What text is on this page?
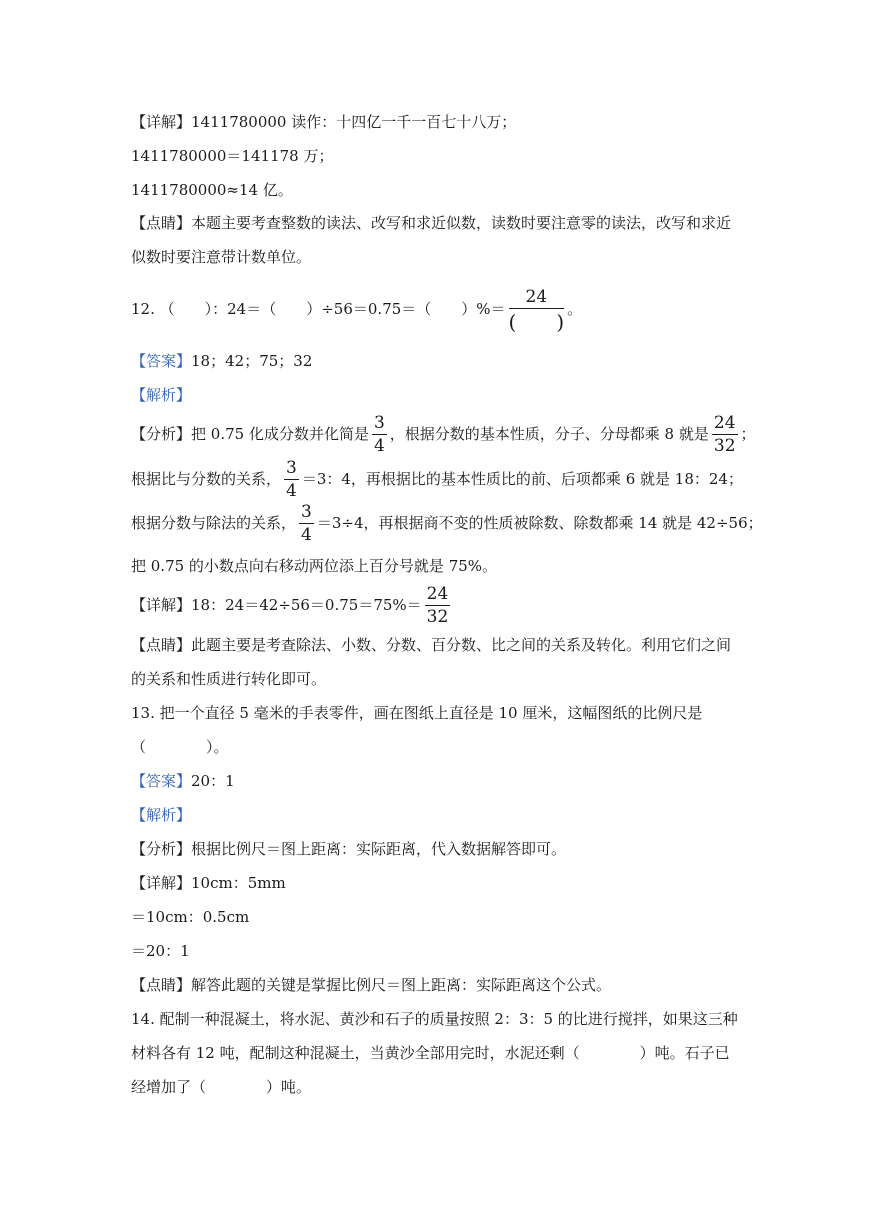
【详解】1411780000 读作：十四亿一千一百七十八万；
1411780000＝141178 万；
1411780000≈14 亿。
【点睛】本题主要考查整数的读法、改写和求近似数，读数时要注意零的读法，改写和求近
似数时要注意带计数单位。
12. （　　）：24＝（　　）÷56＝0.75＝（　　）%＝ $\frac{24}{( )}$ 。
【答案】18；42；75；32
【解析】
【分析】把 0.75 化成分数并化简是 $\frac{3}{4}$ ，根据分数的基本性质，分子、分母都乘 8 就是 $\frac{24}{32}$ ；
根据比与分数的关系， $\frac{3}{4} =3$：4，再根据比的基本性质比的前、后项都乘 6 就是 18：24；
根据分数与除法的关系， $\frac{3}{4} =3\div 4$，再根据商不变的性质被除数、除数都乘 14 就是 42÷56；
把 0.75 的小数点向右移动两位添上百分号就是 75%。
【详解】18：$24=42\div 56=0.75=75\%= \frac{24}{32}$
【点睛】此题主要是考查除法、小数、分数、百分数、比之间的关系及转化。利用它们之间
的关系和性质进行转化即可。
13. 把一个直径 5 毫米的手表零件，画在图纸上直径是 10 厘米，这幅图纸的比例尺是
（　　　　）。
【答案】20：1
【解析】
【分析】根据比例尺＝图上距离：实际距离，代入数据解答即可。
【详解】10cm：5mm
＝10cm：0.5cm
＝20：1
【点睛】解答此题的关键是掌握比例尺＝图上距离：实际距离这个公式。
14. 配制一种混凝土，将水泥、黄沙和石子的质量按照 2：3：5 的比进行搅拌，如果这三种
材料各有 12 吨，配制这种混凝土，当黄沙全部用完时，水泥还剩（　　　　）吨。石子已
经增加了（　　　　）吨。
